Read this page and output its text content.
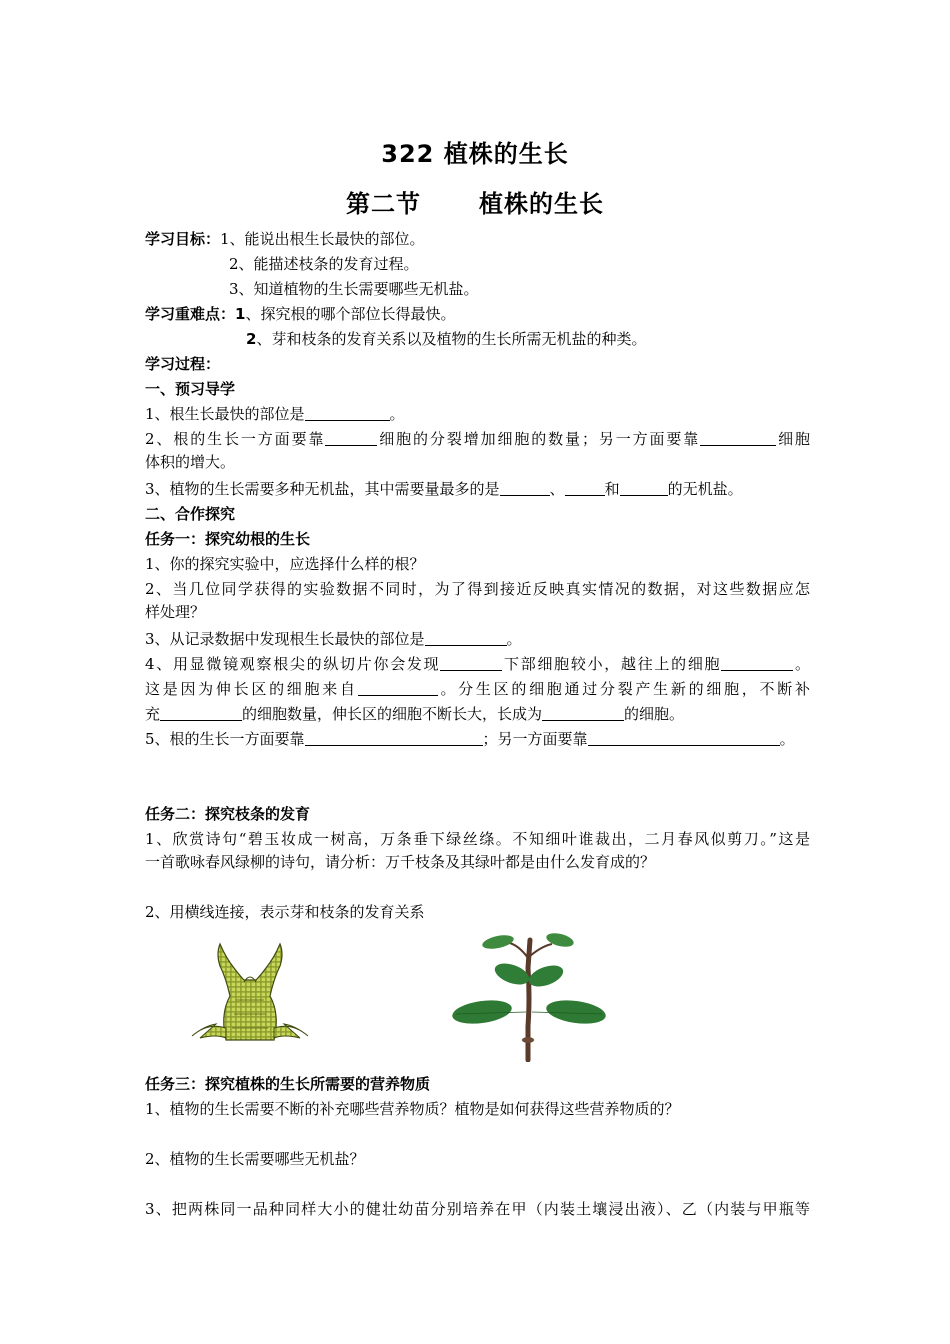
322 植株的生长
第二节 植株的生长
学习目标：1、能说出根生长最快的部位。
2、能描述枝条的发育过程。
3、知道植物的生长需要哪些无机盐。
学习重难点：1、探究根的哪个部位长得最快。
2、芽和枝条的发育关系以及植物的生长所需无机盐的种类。
学习过程：
一、预习导学
1、根生长最快的部位是	。
2、根的生长一方面要靠	细胞的分裂增加细胞的数量；另一方面要靠	细胞
体积的增大。
3、植物的生长需要多种无机盐，其中需要量最多的是	、	和	的无机盐。
二、合作探究
任务一：探究幼根的生长
1、你的探究实验中，应选择什么样的根？
2、当几位同学获得的实验数据不同时，为了得到接近反映真实情况的数据，对这些数据应怎
样处理？
3、从记录数据中发现根生长最快的部位是	。
4、用显微镜观察根尖的纵切片你会发现	下部细胞较小，越往上的细胞	。
这是因为伸长区的细胞来自	。分生区的细胞通过分裂产生新的细胞，不断补
充	的细胞数量，伸长区的细胞不断长大，长成为	的细胞。
5、根的生长一方面要靠	；另一方面要靠	。
任务二：探究枝条的发育
1、欣赏诗句“碧玉妆成一树高，万条垂下绿丝绦。不知细叶谁裁出，二月春风似剪刀。”这是
一首歌咏春风绿柳的诗句，请分析：万千枝条及其绿叶都是由什么发育成的？
2、用横线连接，表示芽和枝条的发育关系
任务三：探究植株的生长所需要的营养物质
1、植物的生长需要不断的补充哪些营养物质？植物是如何获得这些营养物质的？
2、植物的生长需要哪些无机盐？
3、把两株同一品种同样大小的健壮幼苗分别培养在甲（内装土壤浸出液）、乙（内装与甲瓶等
